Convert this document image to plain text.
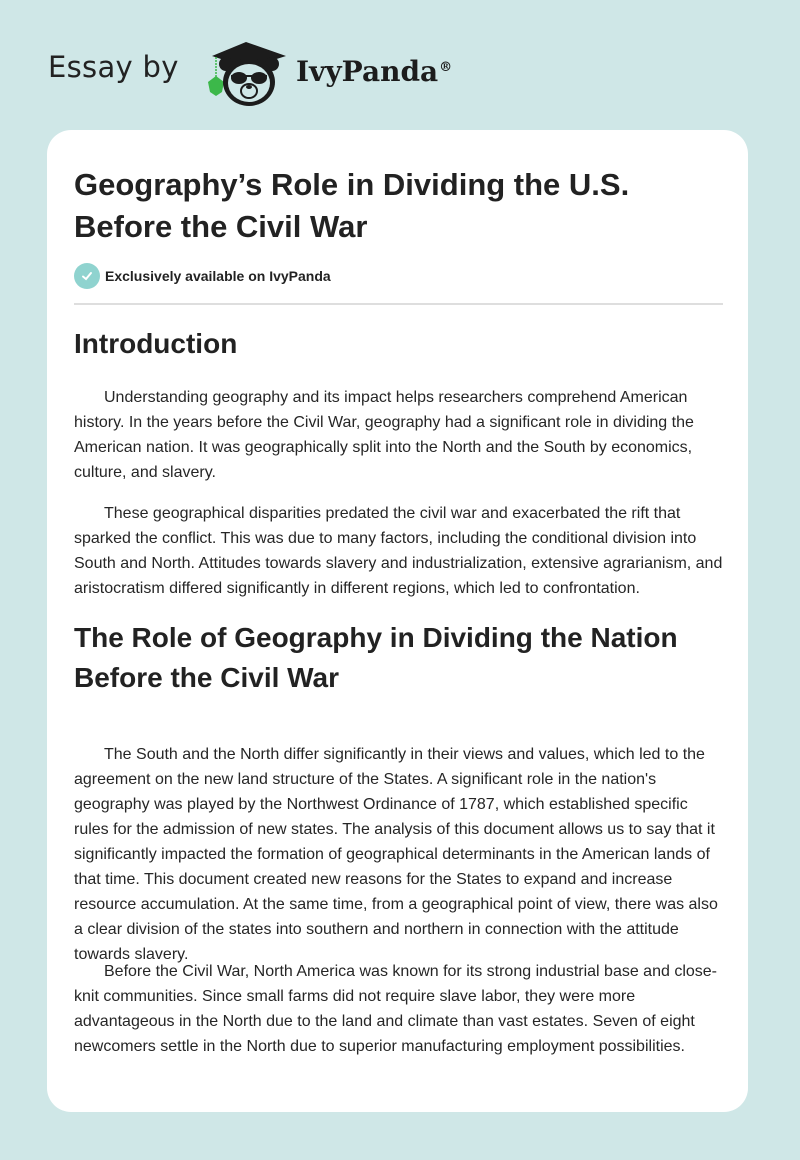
Essay by	IvyPanda®
Geography’s Role in Dividing the U.S. Before the Civil War
Exclusively available on IvyPanda
Introduction

Understanding geography and its impact helps researchers comprehend American history. In the years before the Civil War, geography had a significant role in dividing the American nation. It was geographically split into the North and the South by economics, culture, and slavery.

These geographical disparities predated the civil war and exacerbated the rift that sparked the conflict. This was due to many factors, including the conditional division into South and North. Attitudes towards slavery and industrialization, extensive agrarianism, and aristocratism differed significantly in different regions, which led to confrontation.

The Role of Geography in Dividing the Nation Before the Civil War

The South and the North differ significantly in their views and values, which led to the agreement on the new land structure of the States. A significant role in the nation's geography was played by the Northwest Ordinance of 1787, which established specific rules for the admission of new states. The analysis of this document allows us to say that it significantly impacted the formation of geographical determinants in the American lands of that time. This document created new reasons for the States to expand and increase resource accumulation. At the same time, from a geographical point of view, there was also a clear division of the states into southern and northern in connection with the attitude towards slavery.

Before the Civil War, North America was known for its strong industrial base and close-knit communities. Since small farms did not require slave labor, they were more advantageous in the North due to the land and climate than vast estates. Seven of eight newcomers settle in the North due to superior manufacturing employment possibilities.
